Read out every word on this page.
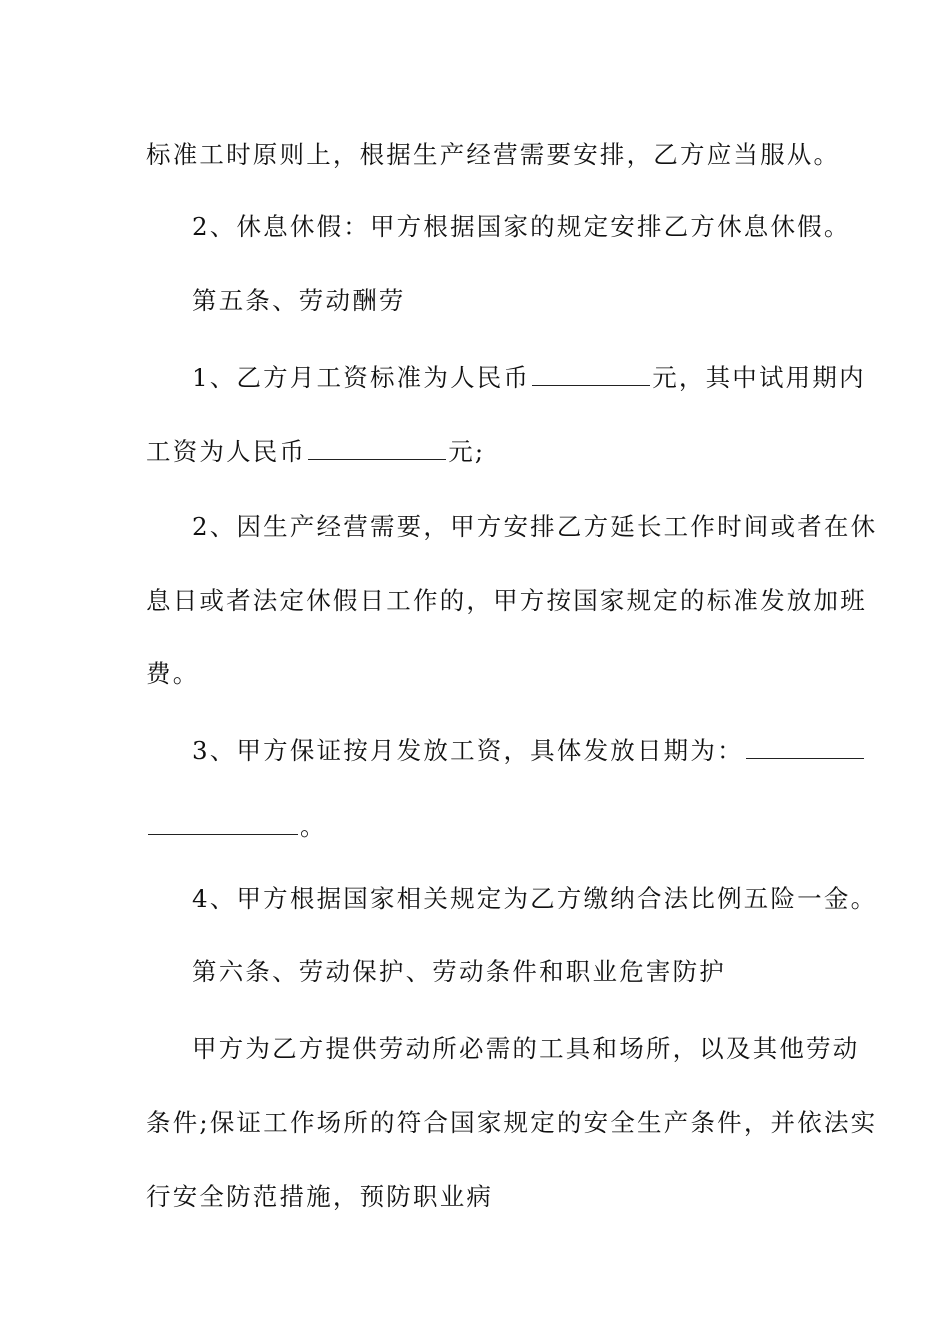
标准工时原则上，根据生产经营需要安排，乙方应当服从。
2、休息休假：甲方根据国家的规定安排乙方休息休假。
第五条、劳动酬劳
1、乙方月工资标准为人民币	元，其中试用期内
工资为人民币	元;
2、因生产经营需要，甲方安排乙方延长工作时间或者在休
息日或者法定休假日工作的，甲方按国家规定的标准发放加班
费。
3、甲方保证按月发放工资，具体发放日期为：
。
4、甲方根据国家相关规定为乙方缴纳合法比例五险一金。
第六条、劳动保护、劳动条件和职业危害防护
甲方为乙方提供劳动所必需的工具和场所，以及其他劳动
条件;保证工作场所的符合国家规定的安全生产条件，并依法实
行安全防范措施，预防职业病
